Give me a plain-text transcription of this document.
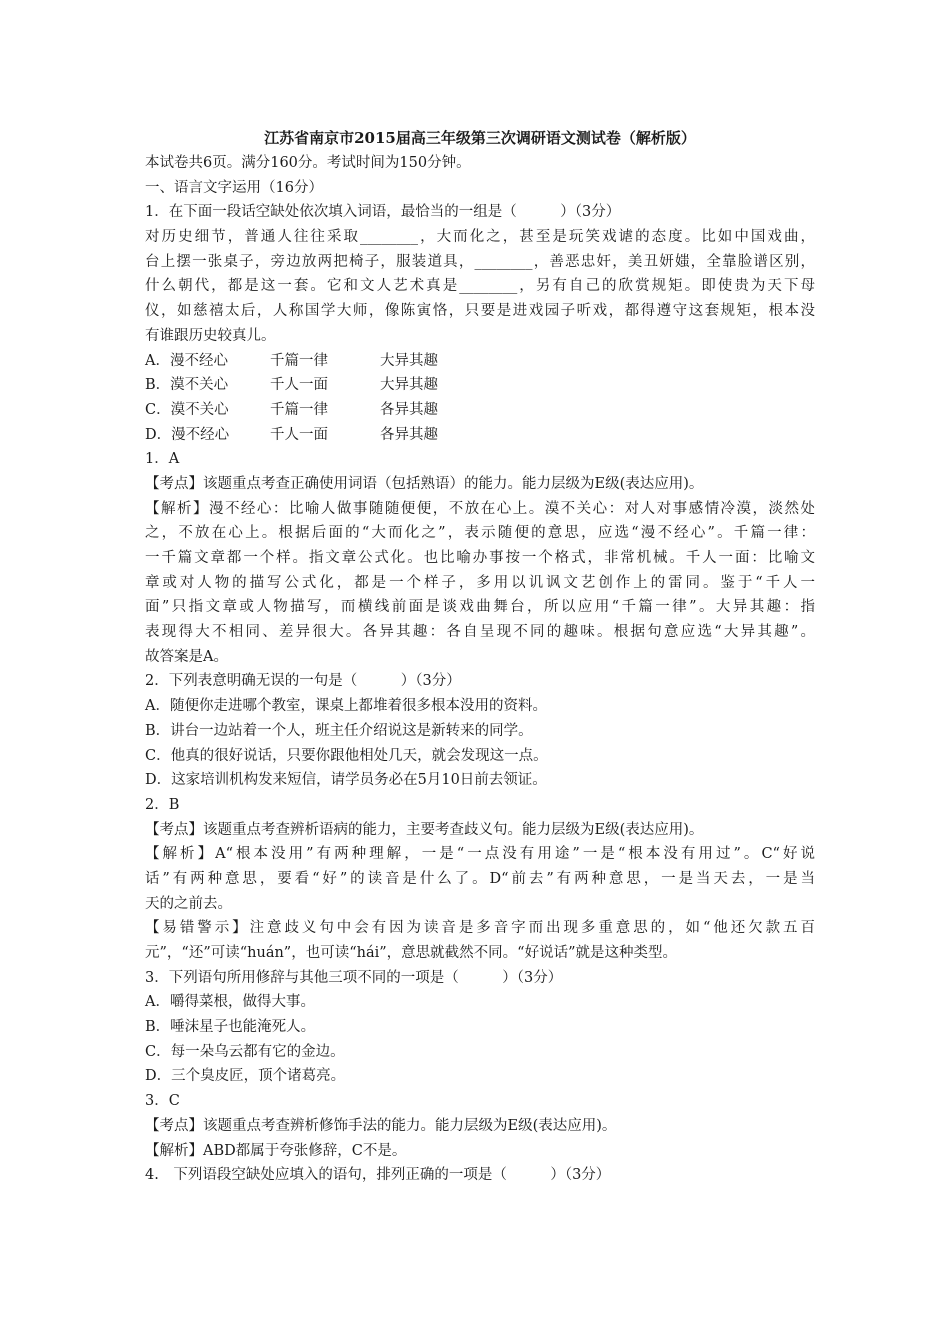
江苏省南京市2015届高三年级第三次调研语文测试卷（解析版）
本试卷共6页。满分160分。考试时间为150分钟。
一、语言文字运用（16分）
1．在下面一段话空缺处依次填入词语，最恰当的一组是（　　　）（3分）
对历史细节，普通人往往采取________，大而化之，甚至是玩笑戏谑的态度。比如中国戏曲，
台上摆一张桌子，旁边放两把椅子，服装道具，________，善恶忠奸，美丑妍媸，全靠脸谱区别，
什么朝代，都是这一套。它和文人艺术真是________，另有自己的欣赏规矩。即使贵为天下母
仪，如慈禧太后，人称国学大师，像陈寅恪，只要是进戏园子听戏，都得遵守这套规矩，根本没
有谁跟历史较真儿。
A．漫不经心	千篇一律	大异其趣
B．漠不关心	千人一面	大异其趣
C．漠不关心	千篇一律	各异其趣
D．漫不经心	千人一面	各异其趣
1．A
【考点】该题重点考查正确使用词语（包括熟语）的能力。能力层级为E级(表达应用)。
【解析】漫不经心：比喻人做事随随便便，不放在心上。漠不关心：对人对事感情冷漠，淡然处
之，不放在心上。根据后面的“大而化之”，表示随便的意思，应选“漫不经心”。千篇一律：
一千篇文章都一个样。指文章公式化。也比喻办事按一个格式，非常机械。千人一面：比喻文
章或对人物的描写公式化，都是一个样子，多用以讥讽文艺创作上的雷同。鉴于“千人一
面”只指文章或人物描写，而横线前面是谈戏曲舞台，所以应用“千篇一律”。大异其趣：指
表现得大不相同、差异很大。各异其趣：各自呈现不同的趣味。根据句意应选“大异其趣”。
故答案是A。
2．下列表意明确无误的一句是（　　　）（3分）
A．随便你走进哪个教室，课桌上都堆着很多根本没用的资料。
B．讲台一边站着一个人，班主任介绍说这是新转来的同学。
C．他真的很好说话，只要你跟他相处几天，就会发现这一点。
D．这家培训机构发来短信，请学员务必在5月10日前去领证。
2．B
【考点】该题重点考查辨析语病的能力，主要考查歧义句。能力层级为E级(表达应用)。
【解析】A“根本没用”有两种理解，一是“一点没有用途”一是“根本没有用过”。C“好说
话”有两种意思，要看“好”的读音是什么了。D“前去”有两种意思，一是当天去，一是当
天的之前去。
【易错警示】注意歧义句中会有因为读音是多音字而出现多重意思的，如“他还欠款五百
元”，“还”可读“huán”，也可读“hái”，意思就截然不同。“好说话”就是这种类型。
3．下列语句所用修辞与其他三项不同的一项是（　　　）（3分）
A．嚼得菜根，做得大事。
B．唾沫星子也能淹死人。
C．每一朵乌云都有它的金边。
D．三个臭皮匠，顶个诸葛亮。
3．C
【考点】该题重点考查辨析修饰手法的能力。能力层级为E级(表达应用)。
【解析】ABD都属于夸张修辞，C不是。
4.　下列语段空缺处应填入的语句，排列正确的一项是（　　　）（3分）
